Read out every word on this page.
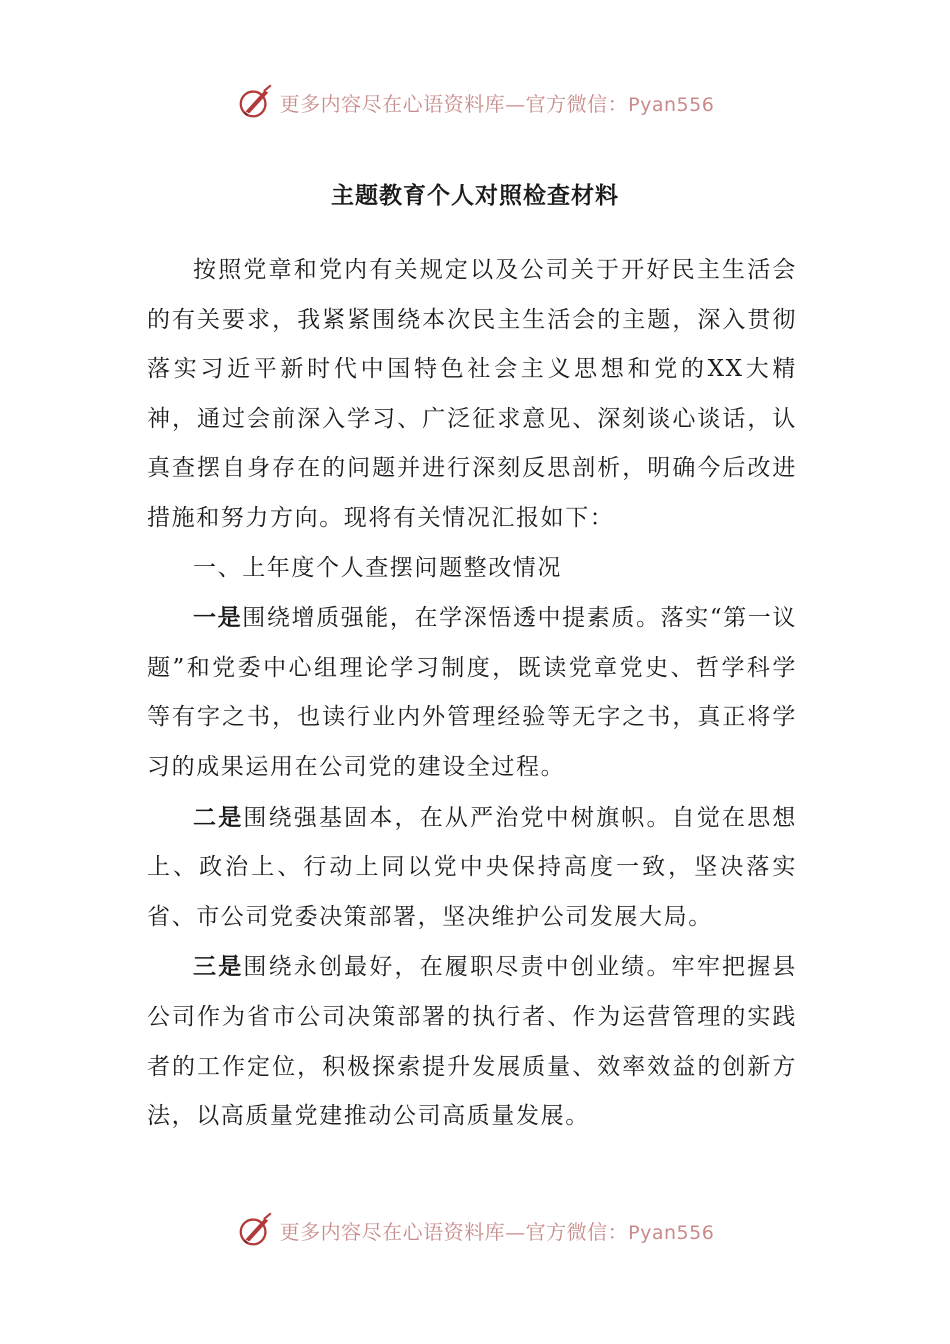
更多内容尽在心语资料库—官方微信：Pyan556
主题教育个人对照检查材料

按照党章和党内有关规定以及公司关于开好民主生活会的有关要求，我紧紧围绕本次民主生活会的主题，深入贯彻落实习近平新时代中国特色社会主义思想和党的XX大精神，通过会前深入学习、广泛征求意见、深刻谈心谈话，认真查摆自身存在的问题并进行深刻反思剖析，明确今后改进措施和努力方向。现将有关情况汇报如下：

一、上年度个人查摆问题整改情况

一是围绕增质强能，在学深悟透中提素质。落实“第一议题”和党委中心组理论学习制度，既读党章党史、哲学科学等有字之书，也读行业内外管理经验等无字之书，真正将学习的成果运用在公司党的建设全过程。

二是围绕强基固本，在从严治党中树旗帜。自觉在思想上、政治上、行动上同以党中央保持高度一致，坚决落实省、市公司党委决策部署，坚决维护公司发展大局。

三是围绕永创最好，在履职尽责中创业绩。牢牢把握县公司作为省市公司决策部署的执行者、作为运营管理的实践者的工作定位，积极探索提升发展质量、效率效益的创新方法，以高质量党建推动公司高质量发展。

更多内容尽在心语资料库—官方微信：Pyan556
